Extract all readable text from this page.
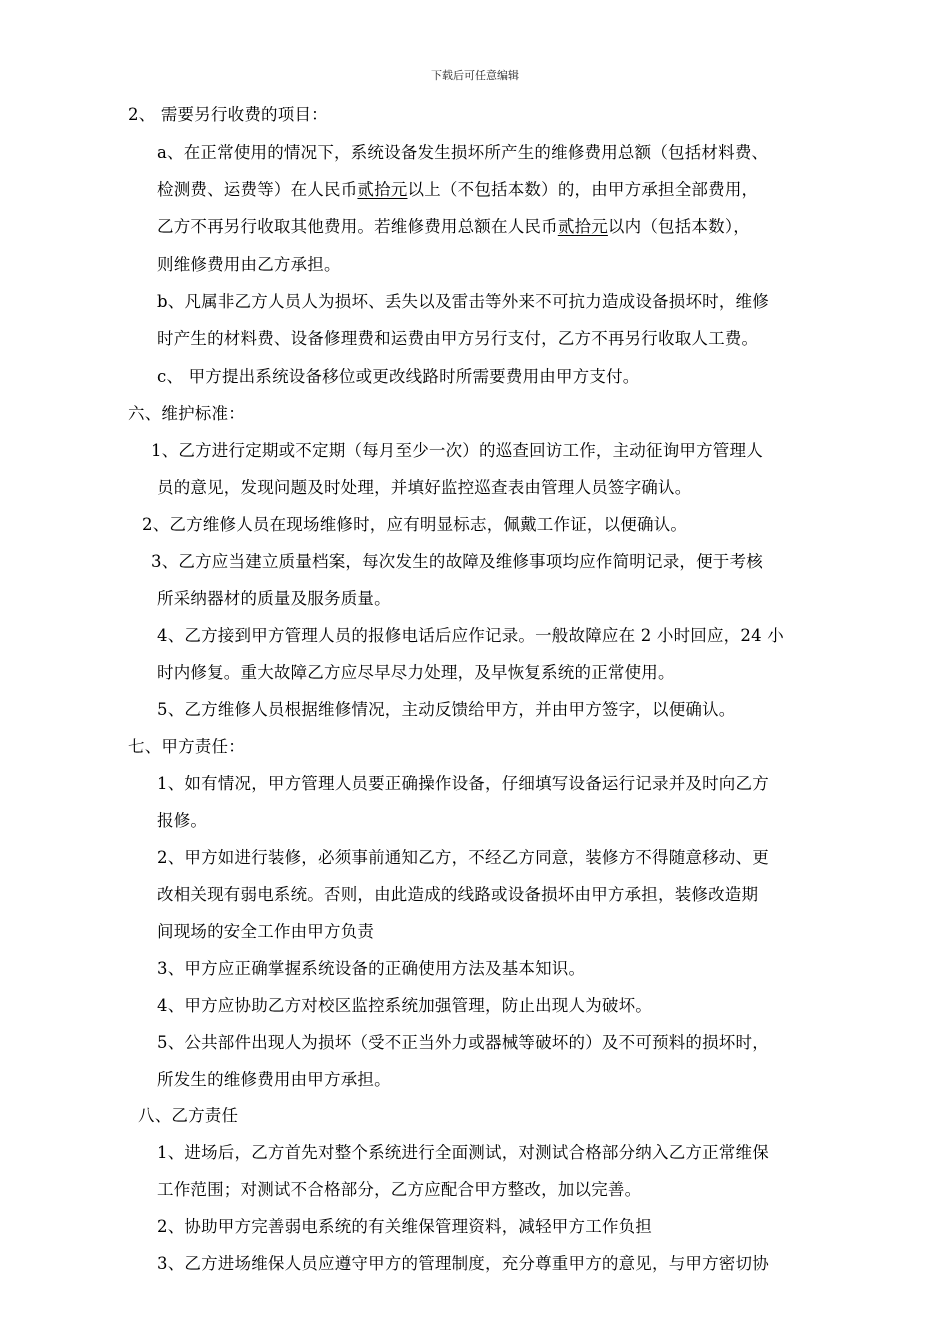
下载后可任意编辑
2、 需要另行收费的项目：
a、在正常使用的情况下，系统设备发生损坏所产生的维修费用总额（包括材料费、
检测费、运费等）在人民币贰拾元以上（不包括本数）的，由甲方承担全部费用，
乙方不再另行收取其他费用。若维修费用总额在人民币贰拾元以内（包括本数），
则维修费用由乙方承担。
b、凡属非乙方人员人为损坏、丢失以及雷击等外来不可抗力造成设备损坏时，维修
时产生的材料费、设备修理费和运费由甲方另行支付，乙方不再另行收取人工费。
c、 甲方提出系统设备移位或更改线路时所需要费用由甲方支付。
六、维护标准：
1、乙方进行定期或不定期（每月至少一次）的巡查回访工作，主动征询甲方管理人
员的意见，发现问题及时处理，并填好监控巡查表由管理人员签字确认。
2、乙方维修人员在现场维修时，应有明显标志，佩戴工作证，以便确认。
3、乙方应当建立质量档案，每次发生的故障及维修事项均应作简明记录，便于考核
所采纳器材的质量及服务质量。
4、乙方接到甲方管理人员的报修电话后应作记录。一般故障应在 2 小时回应，24 小
时内修复。重大故障乙方应尽早尽力处理，及早恢复系统的正常使用。
5、乙方维修人员根据维修情况，主动反馈给甲方，并由甲方签字，以便确认。
七、甲方责任：
1、如有情况，甲方管理人员要正确操作设备，仔细填写设备运行记录并及时向乙方
报修。
2、甲方如进行装修，必须事前通知乙方，不经乙方同意，装修方不得随意移动、更
改相关现有弱电系统。否则，由此造成的线路或设备损坏由甲方承担，装修改造期
间现场的安全工作由甲方负责
3、甲方应正确掌握系统设备的正确使用方法及基本知识。
4、甲方应协助乙方对校区监控系统加强管理，防止出现人为破坏。
5、公共部件出现人为损坏（受不正当外力或器械等破坏的）及不可预料的损坏时，
所发生的维修费用由甲方承担。
八、乙方责任
1、进场后，乙方首先对整个系统进行全面测试，对测试合格部分纳入乙方正常维保
工作范围；对测试不合格部分，乙方应配合甲方整改，加以完善。
2、协助甲方完善弱电系统的有关维保管理资料，减轻甲方工作负担
3、乙方进场维保人员应遵守甲方的管理制度，充分尊重甲方的意见，与甲方密切协
